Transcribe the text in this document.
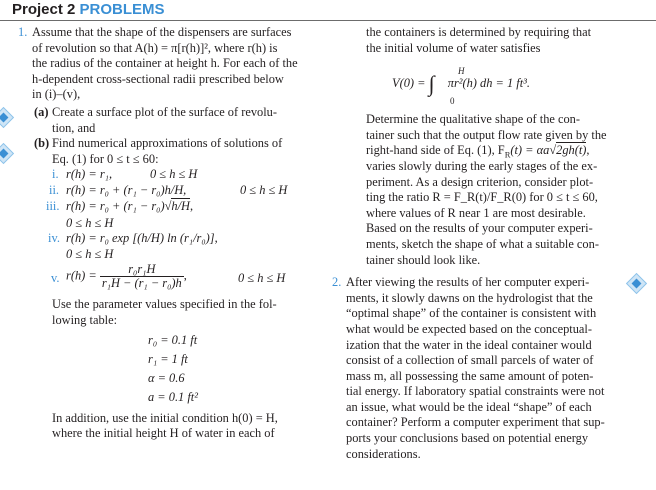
Project 2 PROBLEMS
1. Assume that the shape of the dispensers are surfaces
of revolution so that A(h) = π[r(h)]², where r(h) is
the radius of the container at height h. For each of the
h-dependent cross-sectional radii prescribed below
in (i)–(v),
(a) Create a surface plot of the surface of revolu-
tion, and
(b) Find numerical approximations of solutions of
Eq. (1) for 0 ≤ t ≤ 60:
i. r(h) = r₁,	0 ≤ h ≤ H
ii. r(h) = r₀ + (r₁ − r₀)h/H,	0 ≤ h ≤ H
iii. r(h) = r₀ + (r₁ − r₀)√h/H,
0 ≤ h ≤ H
iv. r(h) = r₀ exp [(h/H) ln (r₁/r₀)],
0 ≤ h ≤ H
v. $r(h) = \frac{\text{r₀r₁H}}{\text{r₁H − (r₁ − r₀)h}}$ ,	0 ≤ h ≤ H
Use the parameter values specified in the fol-
lowing table:
r₀ = 0.1 ft
r₁ = 1 ft
α = 0.6
a = 0.1 ft²
In addition, use the initial condition h(0) = H,
where the initial height H of water in each of
the containers is determined by requiring that
the initial volume of water satisfies
V(0) = ∫ πr²(h) dh = 1 ft³.
H
0
Determine the qualitative shape of the con-
tainer such that the output flow rate given by the
right-hand side of Eq. (1), $F_R(t) = \alpha a√2gh(t)$,
varies slowly during the early stages of the ex-
periment. As a design criterion, consider plot-
ting the ratio R = F_R(t)/F_R(0) for 0 ≤ t ≤ 60,
where values of R near 1 are most desirable.
Based on the results of your computer experi-
ments, sketch the shape of what a suitable con-
tainer should look like.
2. After viewing the results of her computer experi-
ments, it slowly dawns on the hydrologist that the
“optimal shape” of the container is consistent with
what would be expected based on the conceptual-
ization that the water in the ideal container would
consist of a collection of small parcels of water of
mass m, all possessing the same amount of poten-
tial energy. If laboratory spatial constraints were not
an issue, what would be the ideal “shape” of each
container? Perform a computer experiment that sup-
ports your conclusions based on potential energy
considerations.
